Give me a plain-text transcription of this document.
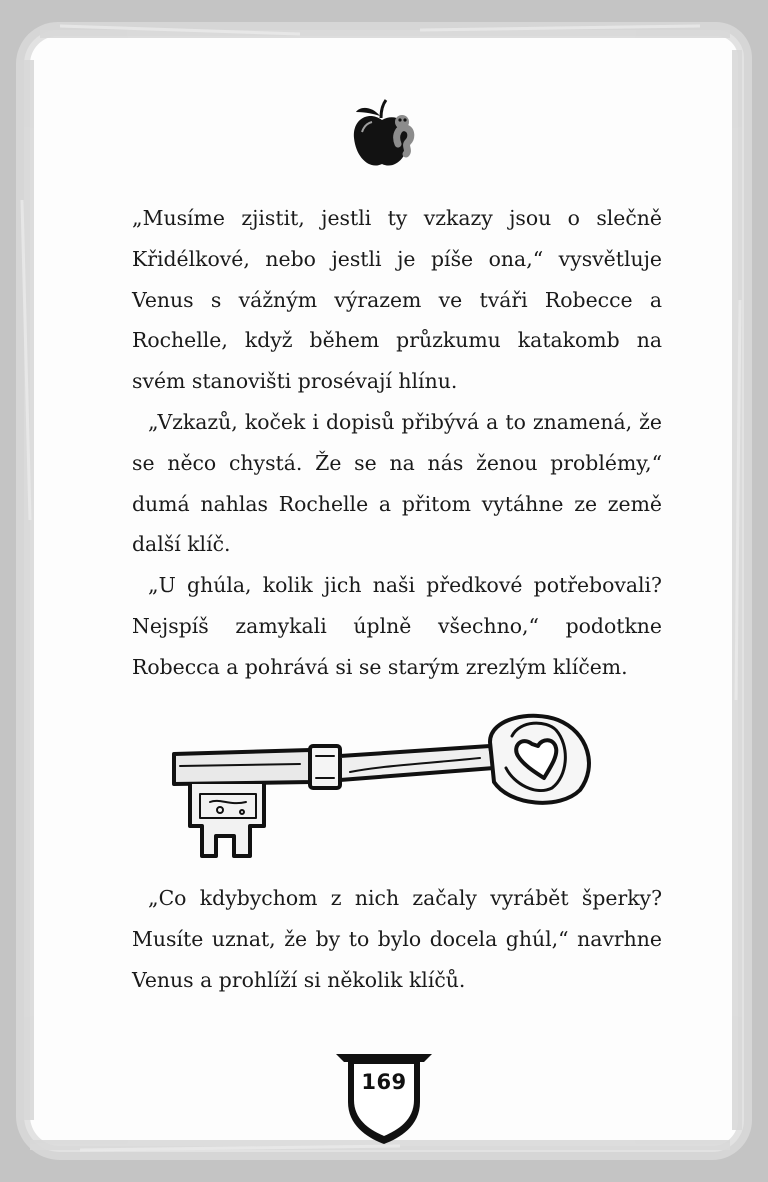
„Musíme zjistit, jestli ty vzkazy jsou o slečně Křidélkové, nebo jestli je píše ona,“ vysvětluje Venus s vážným výrazem ve tváři Robecce a Rochelle, když během průzkumu katakomb na svém stanovišti prosévají hlínu.

„Vzkazů, koček i dopisů přibývá a to znamená, že se něco chystá. Že se na nás ženou problémy,“ dumá nahlas Rochelle a přitom vytáhne ze země další klíč.

„U ghúla, kolik jich naši předkové potřebovali? Nejspíš zamykali úplně všechno,“ podotkne Robecca a pohrává si se starým zrezlým klíčem.

„Co kdybychom z nich začaly vyrábět šperky? Musíte uznat, že by to bylo docela ghúl,“ navrhne Venus a prohlíží si několik klíčů.

169
